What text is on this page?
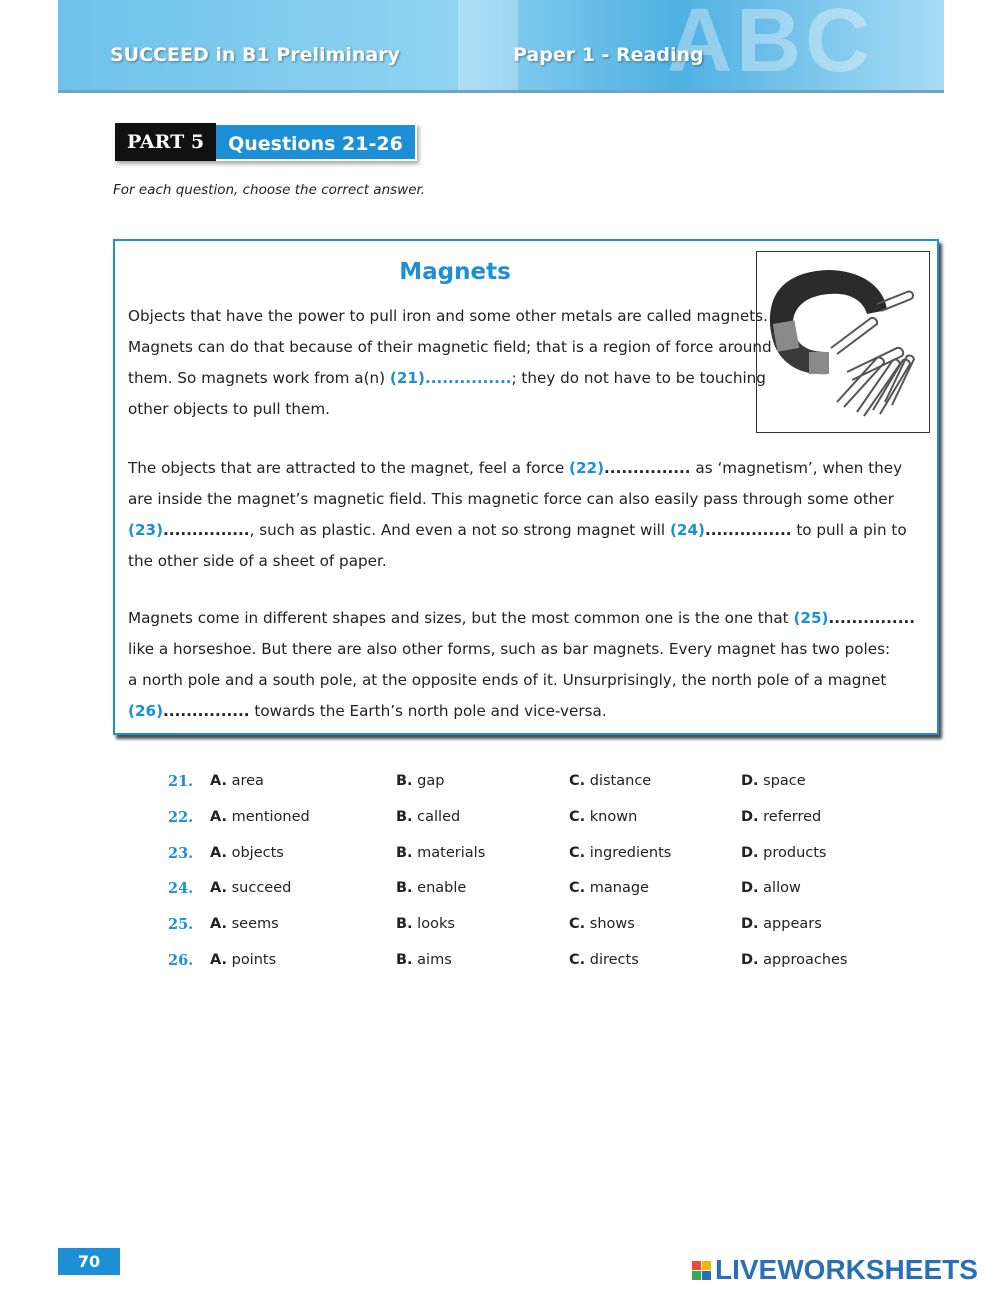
ABC
SUCCEED in B1 Preliminary	Paper 1 - Reading
PART 5	Questions 21-26
For each question, choose the correct answer.
Magnets

Objects that have the power to pull iron and some other metals are called magnets.
Magnets can do that because of their magnetic field; that is a region of force around
them. So magnets work from a(n) (21)...............; they do not have to be touching
other objects to pull them.

The objects that are attracted to the magnet, feel a force (22)............... as ‘magnetism’, when they
are inside the magnet’s magnetic field. This magnetic force can also easily pass through some other
(23)..............., such as plastic. And even a not so strong magnet will (24)............... to pull a pin to
the other side of a sheet of paper.

Magnets come in different shapes and sizes, but the most common one is the one that (25)...............
like a horseshoe. But there are also other forms, such as bar magnets. Every magnet has two poles:
a north pole and a south pole, at the opposite ends of it. Unsurprisingly, the north pole of a magnet
(26)............... towards the Earth’s north pole and vice-versa.

21. A. area	B. gap	C. distance	D. space
22. A. mentioned	B. called	C. known	D. referred
23. A. objects	B. materials	C. ingredients	D. products
24. A. succeed	B. enable	C. manage	D. allow
25. A. seems	B. looks	C. shows	D. appears
26. A. points	B. aims	C. directs	D. approaches
70	LIVEWORKSHEETS
